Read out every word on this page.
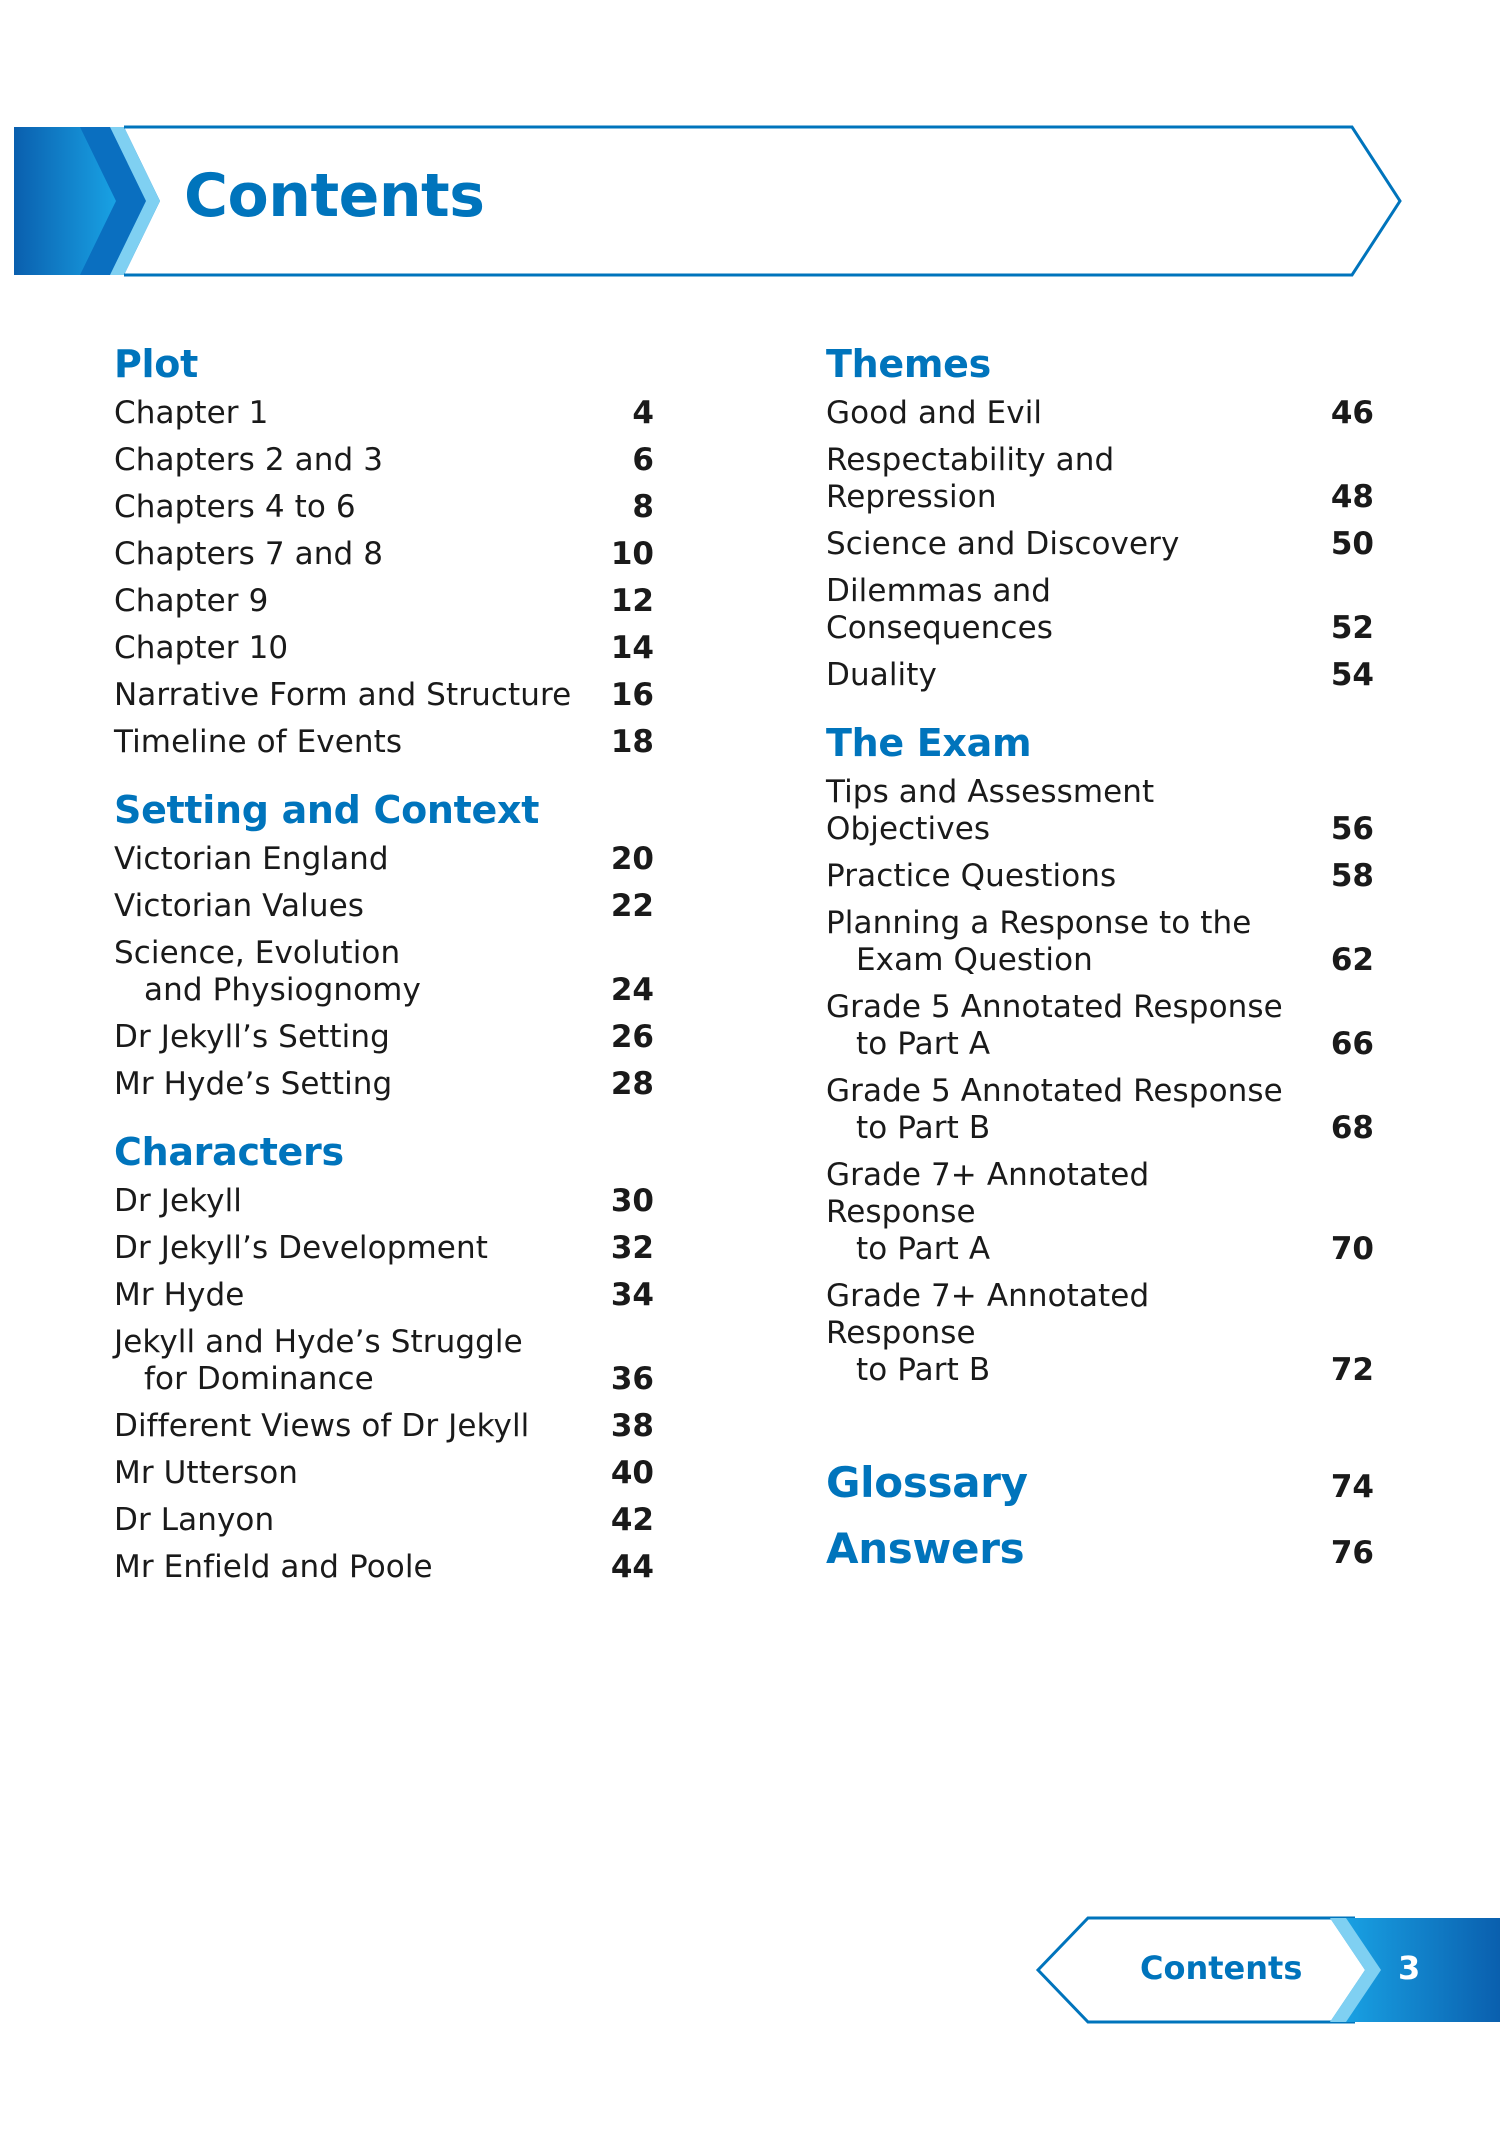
Contents
Plot
Chapter 1	4
Chapters 2 and 3	6
Chapters 4 to 6	8
Chapters 7 and 8	10
Chapter 9	12
Chapter 10	14
Narrative Form and Structure	16
Timeline of Events	18
Setting and Context
Victorian England	20
Victorian Values	22
Science, Evolution
and Physiognomy	24
Dr Jekyll’s Setting	26
Mr Hyde’s Setting	28
Characters
Dr Jekyll	30
Dr Jekyll’s Development	32
Mr Hyde	34
Jekyll and Hyde’s Struggle
for Dominance	36
Different Views of Dr Jekyll	38
Mr Utterson	40
Dr Lanyon	42
Mr Enfield and Poole	44
Themes
Good and Evil	46
Respectability and Repression	48
Science and Discovery	50
Dilemmas and Consequences	52
Duality	54
The Exam
Tips and Assessment Objectives	56
Practice Questions	58
Planning a Response to the
Exam Question	62
Grade 5 Annotated Response
to Part A	66
Grade 5 Annotated Response
to Part B	68
Grade 7+ Annotated Response
to Part A	70
Grade 7+ Annotated Response
to Part B	72
Glossary	74
Answers	76
Contents	3
